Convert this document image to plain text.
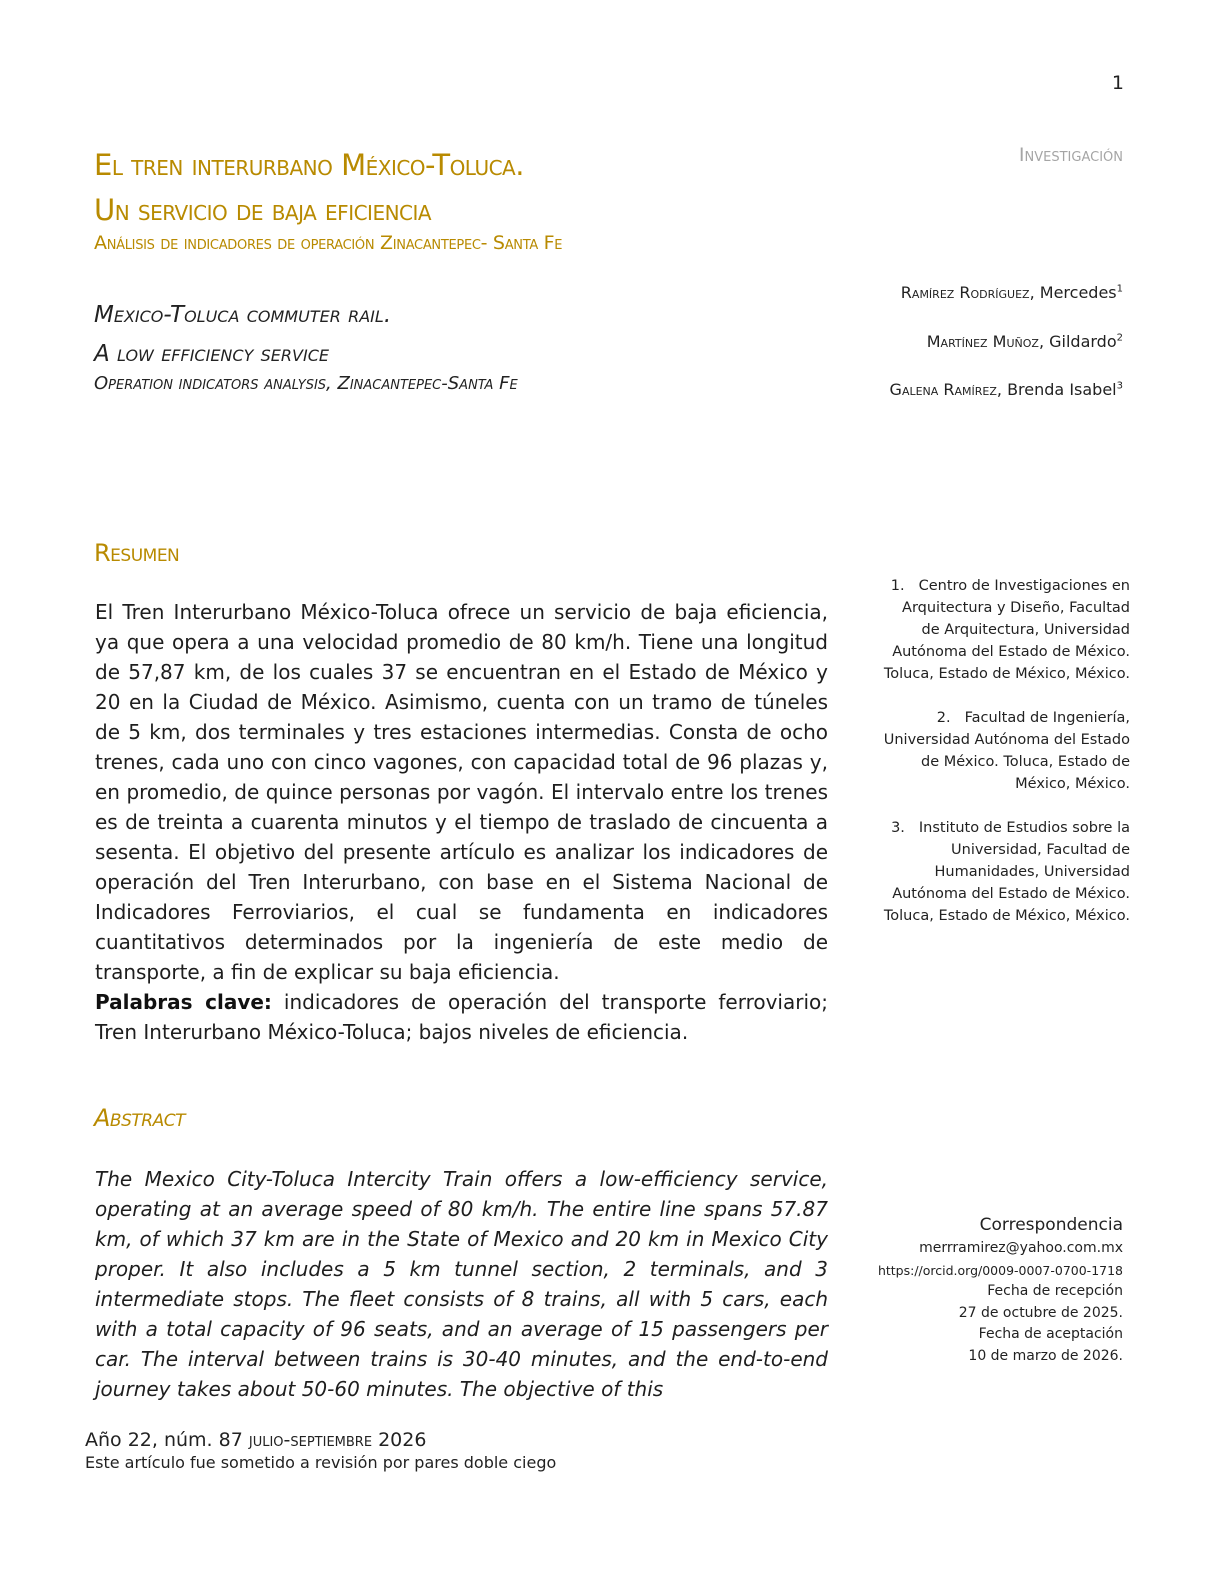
1
El tren interurbano México-Toluca.
Un servicio de baja eficiencia
Análisis de indicadores de operación Zinacantepec- Santa Fe
Investigación
Mexico-Toluca commuter rail.
A low efficiency service
Operation indicators analysis, Zinacantepec-Santa Fe
Ramírez Rodríguez, Mercedes$^1$
Martínez Muñoz, Gildardo$^2$
Galena Ramírez, Brenda Isabel$^3$
Resumen
El Tren Interurbano México-Toluca ofrece un servicio de baja eficiencia, ya que opera a una velocidad promedio de 80 km/h. Tiene una longitud de 57,87 km, de los cuales 37 se encuentran en el Estado de México y 20 en la Ciudad de México. Asimismo, cuenta con un tramo de túneles de 5 km, dos terminales y tres estaciones intermedias. Consta de ocho trenes, cada uno con cinco vagones, con capacidad total de 96 plazas y, en promedio, de quince personas por vagón. El intervalo entre los trenes es de treinta a cuarenta minutos y el tiempo de traslado de cincuenta a sesenta. El objetivo del presente artículo es analizar los indicadores de operación del Tren Interurbano, con base en el Sistema Nacional de Indicadores Ferroviarios, el cual se fundamenta en indicadores cuantitativos determinados por la ingeniería de este medio de transporte, a fin de explicar su baja eficiencia.
Palabras clave: indicadores de operación del transporte ferroviario; Tren Interurbano México-Toluca; bajos niveles de eficiencia.
Abstract
The Mexico City-Toluca Intercity Train offers a low-efficiency service, operating at an average speed of 80 km/h. The entire line spans 57.87 km, of which 37 km are in the State of Mexico and 20 km in Mexico City proper. It also includes a 5 km tunnel section, 2 terminals, and 3 intermediate stops. The fleet consists of 8 trains, all with 5 cars, each with a total capacity of 96 seats, and an average of 15 passengers per car. The interval between trains is 30-40 minutes, and the end-to-end journey takes about 50-60 minutes. The objective of this
1. Centro de Investigaciones en Arquitectura y Diseño, Facultad de Arquitectura, Universidad Autónoma del Estado de México. Toluca, Estado de México, México.
2. Facultad de Ingeniería, Universidad Autónoma del Estado de México. Toluca, Estado de México, México.
3. Instituto de Estudios sobre la Universidad, Facultad de Humanidades, Universidad Autónoma del Estado de México. Toluca, Estado de México, México.
Correspondencia
merrramirez@yahoo.com.mx
https://orcid.org/0009-0007-0700-1718
Fecha de recepción
27 de octubre de 2025.
Fecha de aceptación
10 de marzo de 2026.
Año 22, núm. 87 julio-septiembre 2026
Este artículo fue sometido a revisión por pares doble ciego
